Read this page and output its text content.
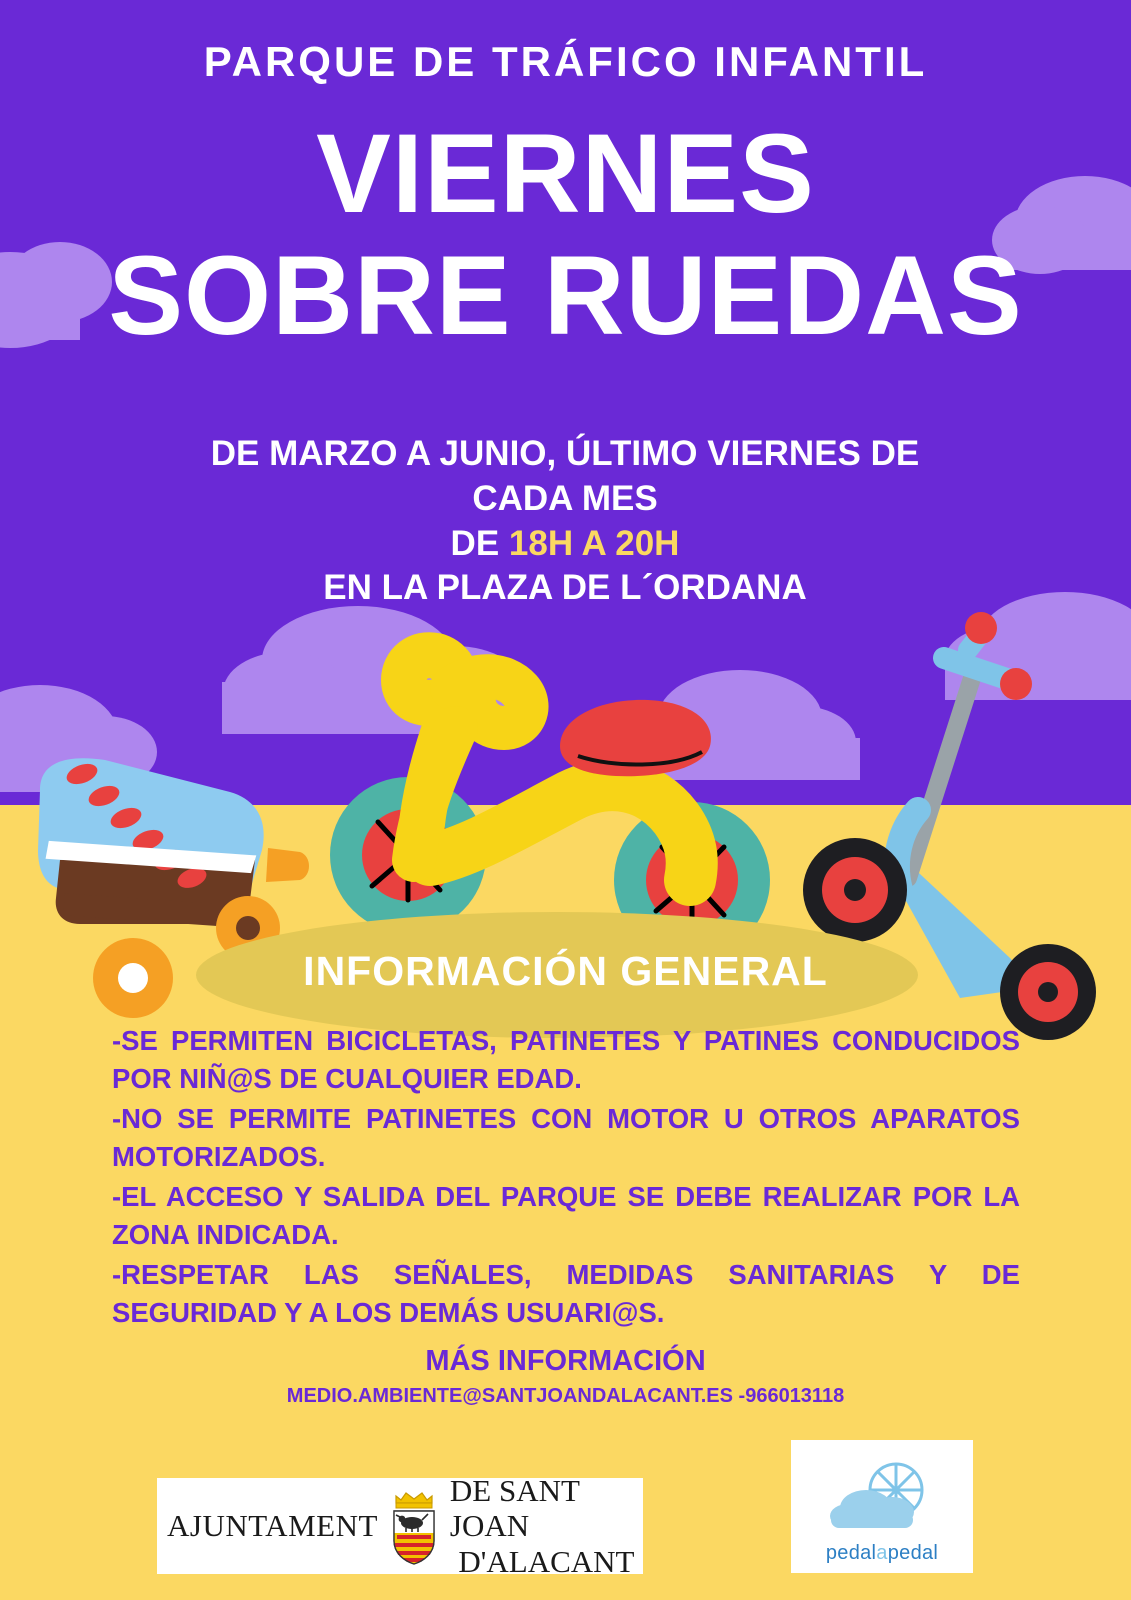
PARQUE DE TRÁFICO INFANTIL
VIERNES
SOBRE RUEDAS
DE MARZO A JUNIO, ÚLTIMO VIERNES DE
CADA MES
DE 18H A 20H
EN LA PLAZA DE L´ORDANA
INFORMACIÓN GENERAL

-SE PERMITEN BICICLETAS, PATINETES Y PATINES CONDUCIDOS POR NIÑ@S DE CUALQUIER EDAD.

-NO SE PERMITE PATINETES CON MOTOR U OTROS APARATOS MOTORIZADOS.

-EL ACCESO Y SALIDA DEL PARQUE SE DEBE REALIZAR POR LA ZONA INDICADA.

-RESPETAR LAS SEÑALES, MEDIDAS SANITARIAS Y DE SEGURIDAD Y A LOS DEMÁS USUARI@S.

MÁS INFORMACIÓN
MEDIO.AMBIENTE@SANTJOANDALACANT.ES -966013118
AJUNTAMENT
DE SANT JOAN
D'ALACANT	pedalapedal
